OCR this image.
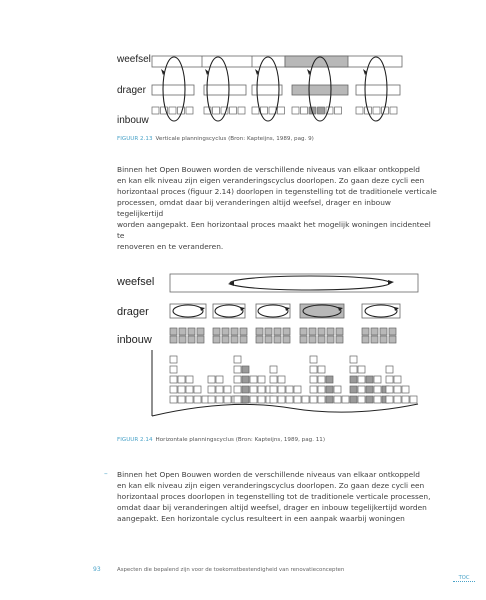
weefsel
drager
inbouw
FIGUUR 2.13 Verticale planningscyclus (Bron: Kapteijns, 1989, pag. 9)
Binnen het Open Bouwen worden de verschillende niveaus van elkaar ontkoppeld
en kan elk niveau zijn eigen veranderingscyclus doorlopen. Zo gaan deze cycli een
horizontaal proces (figuur 2.14) doorlopen in tegenstelling tot de traditionele verticale
processen, omdat daar bij veranderingen altijd weefsel, drager en inbouw tegelijkertijd
worden aangepakt. Een horizontaal proces maakt het mogelijk woningen incidenteel te
renoveren en te veranderen.
weefsel
drager
inbouw
FIGUUR 2.14 Horizontale planningscyclus (Bron: Kapteijns, 1989, pag. 11)
– Binnen het Open Bouwen worden de verschillende niveaus van elkaar ontkoppeld
en kan elk niveau zijn eigen veranderingscyclus doorlopen. Zo gaan deze cycli een
horizontaal proces doorlopen in tegenstelling tot de traditionele verticale processen,
omdat daar bij veranderingen altijd weefsel, drager en inbouw tegelijkertijd worden
aangepakt. Een horizontale cyclus resulteert in een aanpak waarbij woningen
93	Aspecten die bepalend zijn voor de toekomstbestendigheid van renovatieconcepten
TOC
